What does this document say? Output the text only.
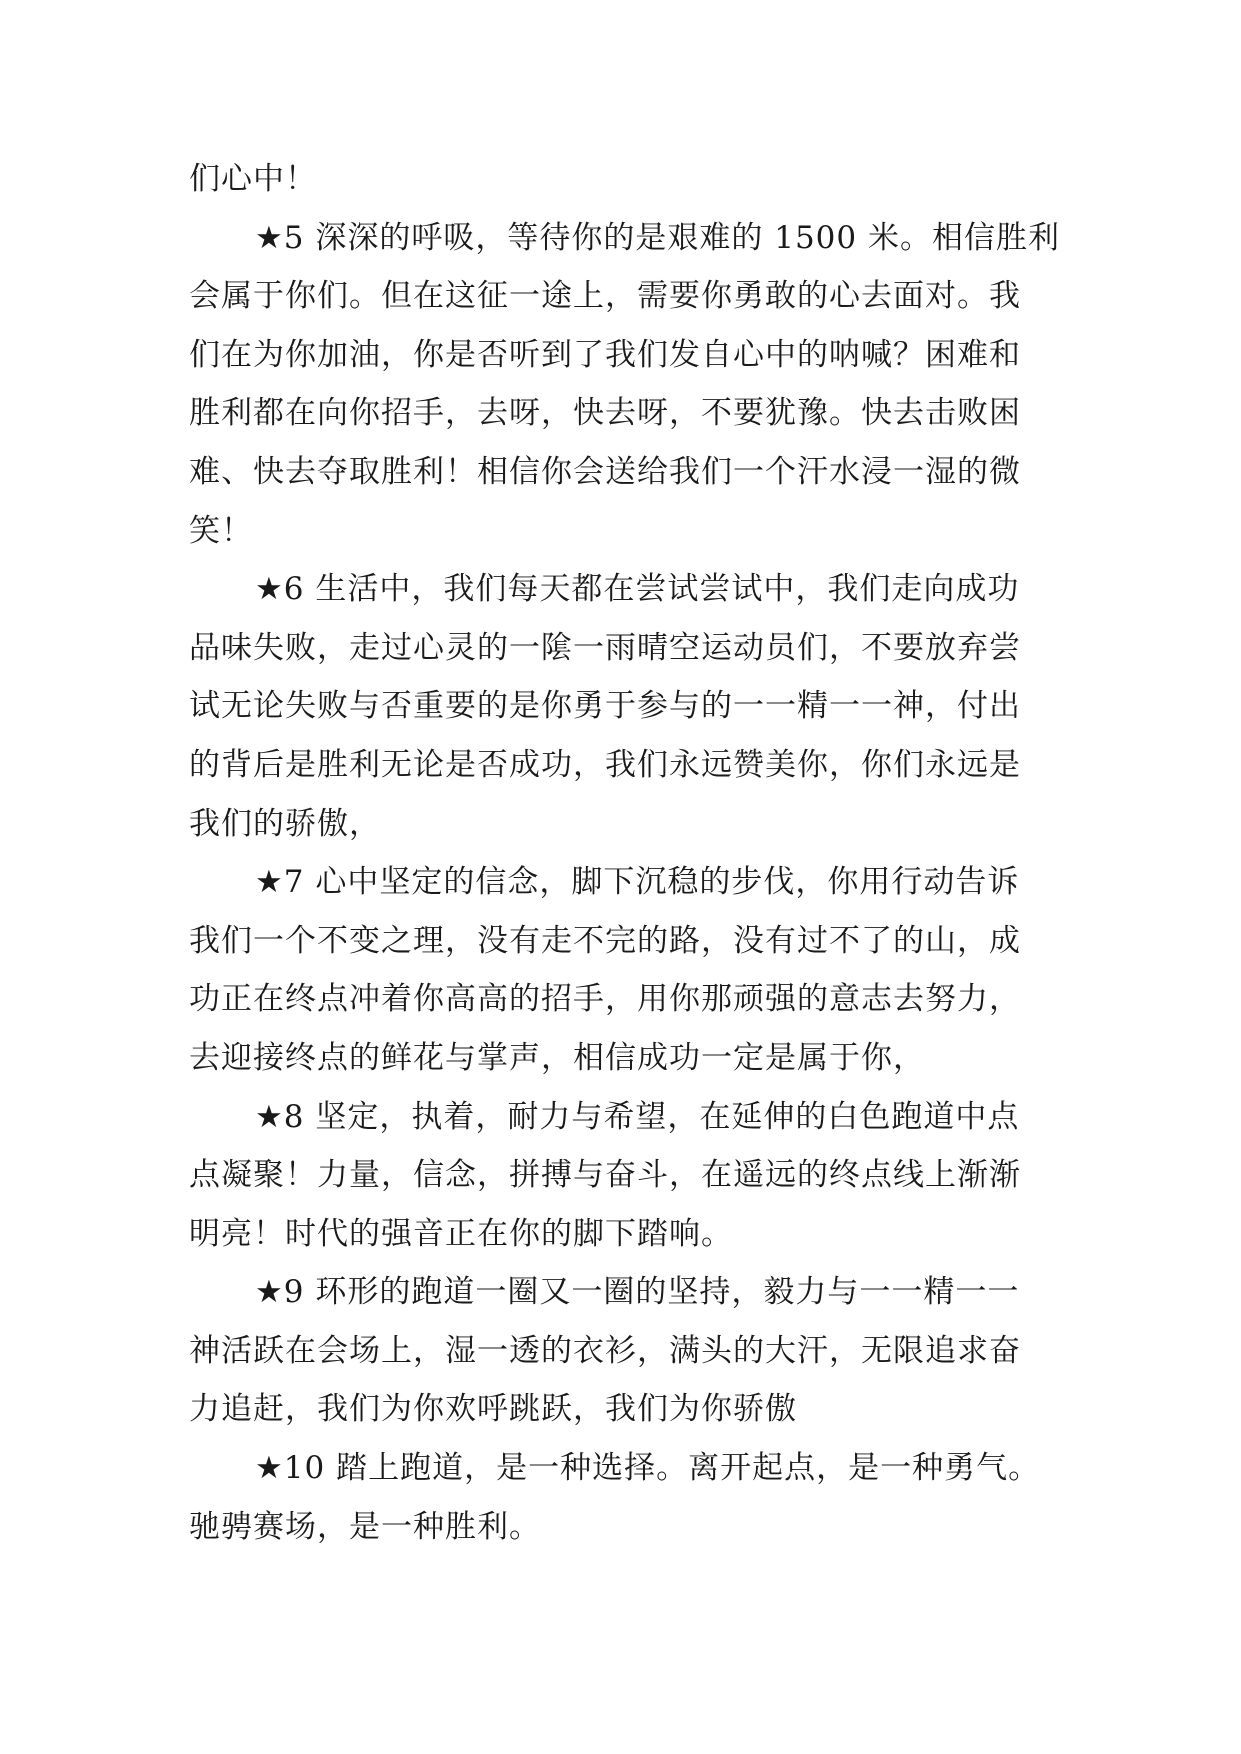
们心中！
★5 深深的呼吸，等待你的是艰难的 1500 米。相信胜利
会属于你们。但在这征一途上，需要你勇敢的心去面对。我
们在为你加油，你是否听到了我们发自心中的呐喊？困难和
胜利都在向你招手，去呀，快去呀，不要犹豫。快去击败困
难、快去夺取胜利！相信你会送给我们一个汗水浸一湿的微
笑！
★6 生活中，我们每天都在尝试尝试中，我们走向成功
品味失败，走过心灵的一隂一雨晴空运动员们，不要放弃尝
试无论失败与否重要的是你勇于参与的一一精一一神，付出
的背后是胜利无论是否成功，我们永远赞美你，你们永远是
我们的骄傲，
★7 心中坚定的信念，脚下沉稳的步伐，你用行动告诉
我们一个不变之理，没有走不完的路，没有过不了的山，成
功正在终点冲着你高高的招手，用你那顽强的意志去努力，
去迎接终点的鲜花与掌声，相信成功一定是属于你，
★8 坚定，执着，耐力与希望，在延伸的白色跑道中点
点凝聚！力量，信念，拼搏与奋斗，在遥远的终点线上渐渐
明亮！时代的强音正在你的脚下踏响。
★9 环形的跑道一圈又一圈的坚持，毅力与一一精一一
神活跃在会场上，湿一透的衣衫，满头的大汗，无限追求奋
力追赶，我们为你欢呼跳跃，我们为你骄傲
★10 踏上跑道，是一种选择。离开起点，是一种勇气。
驰骋赛场，是一种胜利。
